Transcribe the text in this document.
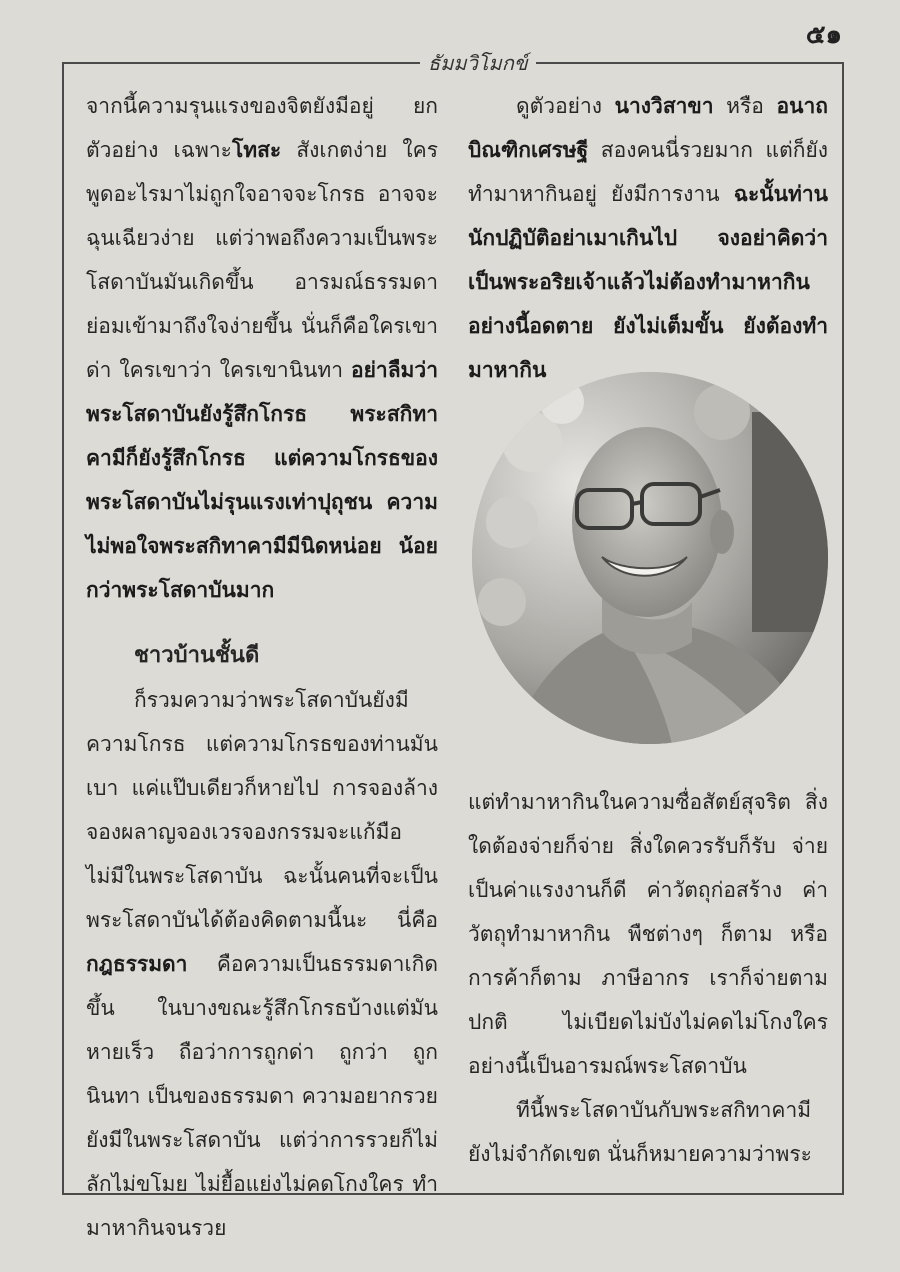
๕๑
ธัมมวิโมกข์

จากนี้ความรุนแรงของจิตยังมีอยู่ ยกตัวอย่าง เฉพาะโทสะ สังเกตง่าย ใครพูดอะไรมาไม่ถูกใจอาจจะโกรธ อาจจะฉุนเฉียวง่าย แต่ว่าพอถึงความเป็นพระโสดาบันมันเกิดขึ้น อารมณ์ธรรมดาย่อมเข้ามาถึงใจง่ายขึ้น นั่นก็คือใครเขาด่า ใครเขาว่า ใครเขานินทา อย่าลืมว่าพระโสดาบันยังรู้สึกโกรธ พระสกิทาคามีก็ยังรู้สึกโกรธ แต่ความโกรธของพระโสดาบันไม่รุนแรงเท่าปุถุชน ความไม่พอใจพระสกิทาคามีมีนิดหน่อย น้อยกว่าพระโสดาบันมาก

ชาวบ้านชั้นดี

ก็รวมความว่าพระโสดาบันยังมีความโกรธ แต่ความโกรธของท่านมันเบา แค่แป๊บเดียวก็หายไป การจองล้างจองผลาญจองเวรจองกรรมจะแก้มือไม่มีในพระโสดาบัน ฉะนั้นคนที่จะเป็นพระโสดาบันได้ต้องคิดตามนี้นะ นี่คือกฎธรรมดา คือความเป็นธรรมดาเกิดขึ้น ในบางขณะรู้สึกโกรธบ้างแต่มันหายเร็ว ถือว่าการถูกด่า ถูกว่า ถูกนินทา เป็นของธรรมดา ความอยากรวยยังมีในพระโสดาบัน แต่ว่าการรวยก็ไม่ลักไม่ขโมย ไม่ยื้อแย่งไม่คดโกงใคร ทำมาหากินจนรวย

ดูตัวอย่าง นางวิสาขา หรือ อนาถบิณฑิกเศรษฐี สองคนนี่รวยมาก แต่ก็ยังทำมาหากินอยู่ ยังมีการงาน ฉะนั้นท่านนักปฏิบัติอย่าเมาเกินไป จงอย่าคิดว่าเป็นพระอริยเจ้าแล้วไม่ต้องทำมาหากิน อย่างนี้อดตาย ยังไม่เต็มขั้น ยังต้องทำมาหากิน

แต่ทำมาหากินในความซื่อสัตย์สุจริต สิ่งใดต้องจ่ายก็จ่าย สิ่งใดควรรับก็รับ จ่ายเป็นค่าแรงงานก็ดี ค่าวัตถุก่อสร้าง ค่าวัตถุทำมาหากิน พืชต่างๆ ก็ตาม หรือการค้าก็ตาม ภาษีอากร เราก็จ่ายตามปกติ ไม่เบียดไม่บังไม่คดไม่โกงใคร อย่างนี้เป็นอารมณ์พระโสดาบัน

ทีนี้พระโสดาบันกับพระสกิทาคามียังไม่จำกัดเขต นั่นก็หมายความว่าพระ
